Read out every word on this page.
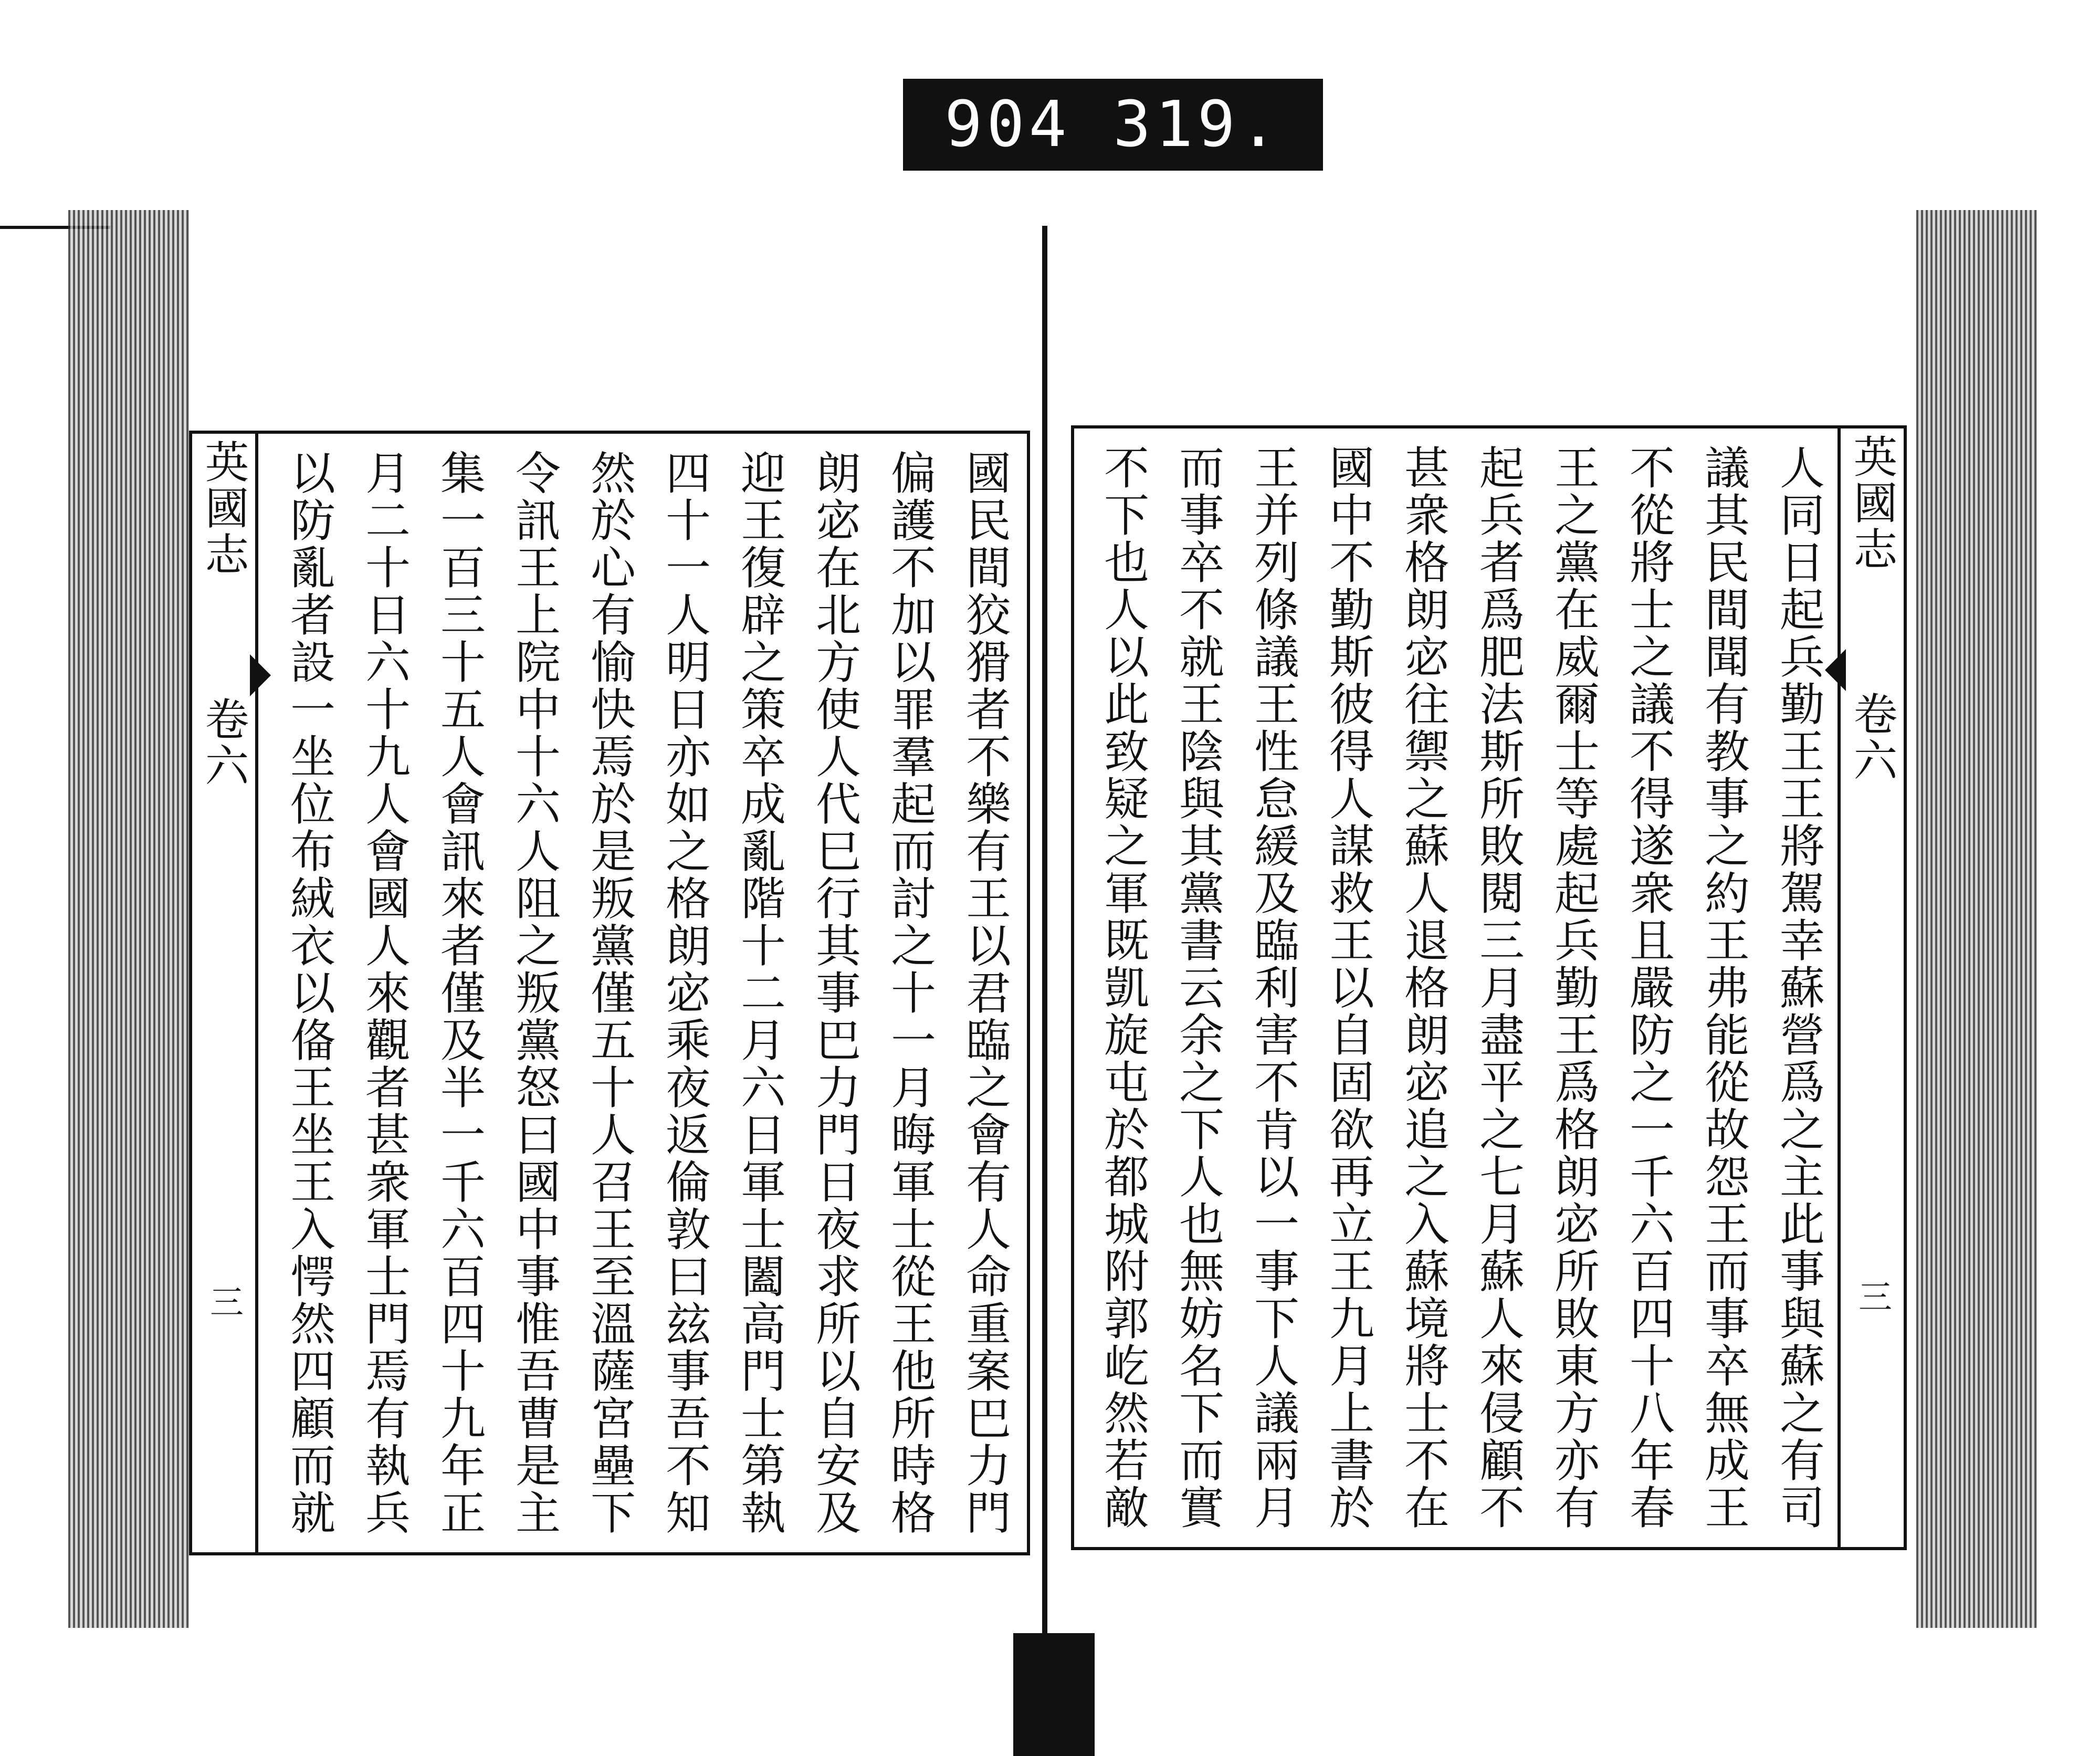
904 319.
英國志
卷六
三	國民間狡猾者不樂有王以君臨之會有人命重案巴力門
偏護不加以罪羣起而討之十一月晦軍士從王他所時格
朗宓在北方使人代巳行其事巴力門日夜求所以自安及
迎王復辟之策卒成亂階十二月六日軍士闔高門士第執
四十一人明日亦如之格朗宓乘夜返倫敦曰玆事吾不知
然於心有愉快焉於是叛黨僅五十人召王至溫薩宮壘下
令訊王上院中十六人阻之叛黨怒曰國中事惟吾曹是主
集一百三十五人會訊來者僅及半一千六百四十九年正
月二十日六十九人會國人來觀者甚衆軍士門焉有執兵
以防亂者設一坐位布絨衣以俻王坐王入愕然四顧而就	英國志
卷六
三
人同日起兵勤王王將駕幸蘇營爲之主此事與蘇之有司
議其民間聞有教事之約王弗能從故怨王而事卒無成王
不從將士之議不得遂衆且嚴防之一千六百四十八年春
王之黨在威爾士等處起兵勤王爲格朗宓所敗東方亦有
起兵者爲肥法斯所敗閱三月盡平之七月蘇人來侵顧不
甚衆格朗宓往禦之蘇人退格朗宓追之入蘇境將士不在
國中不勤斯彼得人謀救王以自固欲再立王九月上書於
王并列條議王性怠緩及臨利害不肯以一事下人議兩月
而事卒不就王陰與其黨書云余之下人也無妨名下而實
不下也人以此致疑之軍既凱旋屯於都城附郭屹然若敵
